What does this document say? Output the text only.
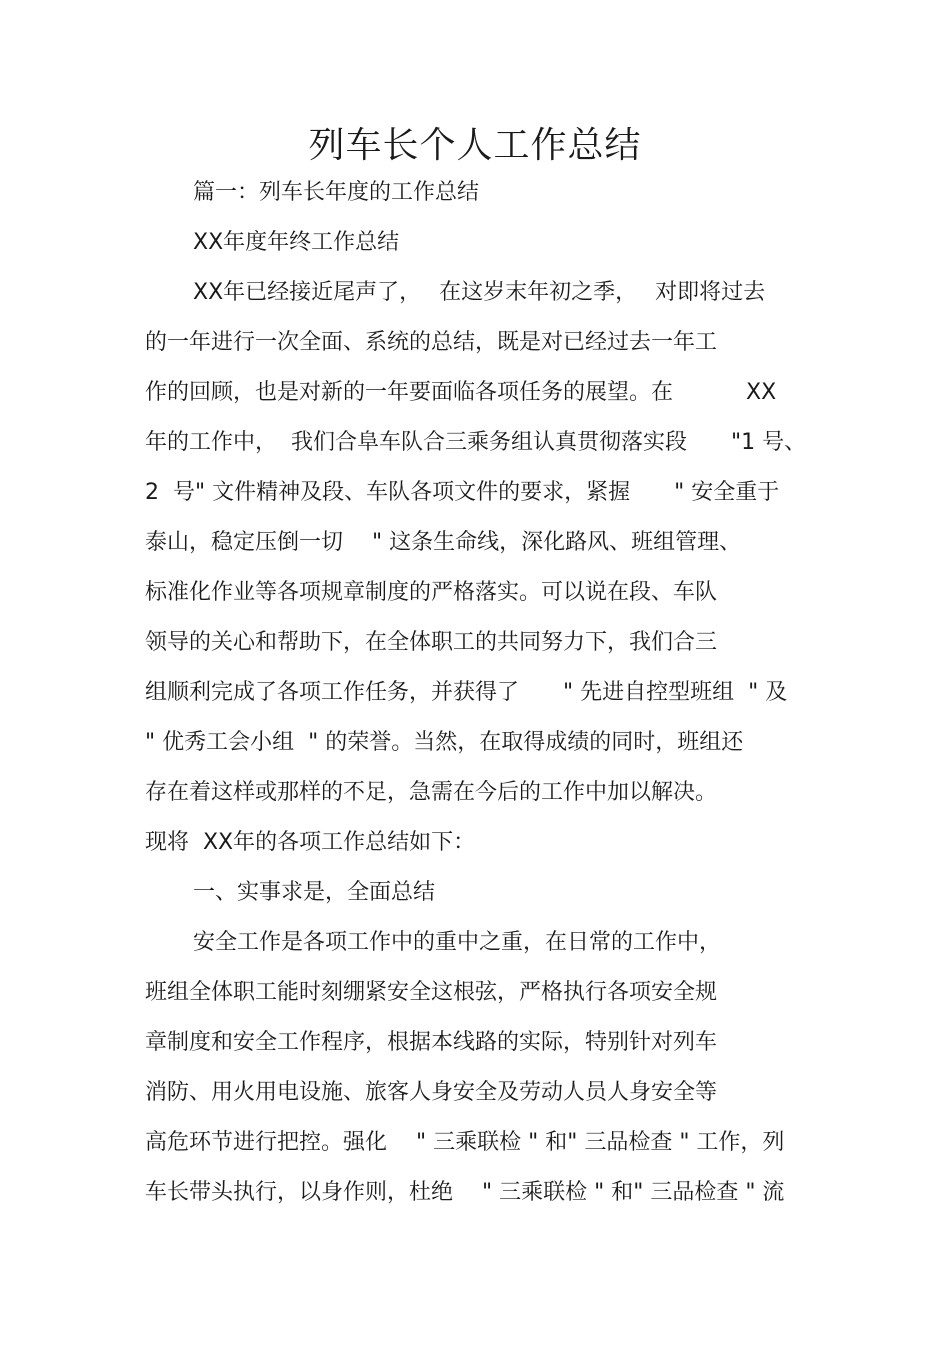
列车长个人工作总结
篇一：列车长年度的工作总结
XX年度年终工作总结
XX年已经接近尾声了，　 在这岁末年初之季，　 对即将过去
的一年进行一次全面、系统的总结，既是对已经过去一年工
作的回顾，也是对新的一年要面临各项任务的展望。在　　　 XX
年的工作中，  我们合阜车队合三乘务组认真贯彻落实段　　"1 号、
2  号" 文件精神及段、车队各项文件的要求，紧握　　" 安全重于
泰山，稳定压倒一切　 " 这条生命线，深化路风、班组管理、
标准化作业等各项规章制度的严格落实。可以说在段、车队
领导的关心和帮助下，在全体职工的共同努力下，我们合三
组顺利完成了各项工作任务，并获得了　　" 先进自控型班组  " 及
" 优秀工会小组  " 的荣誉。当然，在取得成绩的同时，班组还
存在着这样或那样的不足，急需在今后的工作中加以解决。
现将  XX年的各项工作总结如下：
一、实事求是，全面总结
安全工作是各项工作中的重中之重，在日常的工作中，
班组全体职工能时刻绷紧安全这根弦，严格执行各项安全规
章制度和安全工作程序，根据本线路的实际，特别针对列车
消防、用火用电设施、旅客人身安全及劳动人员人身安全等
高危环节进行把控。强化　 " 三乘联检 " 和" 三品检查 " 工作，列
车长带头执行，以身作则，杜绝　 " 三乘联检 " 和" 三品检查 " 流
